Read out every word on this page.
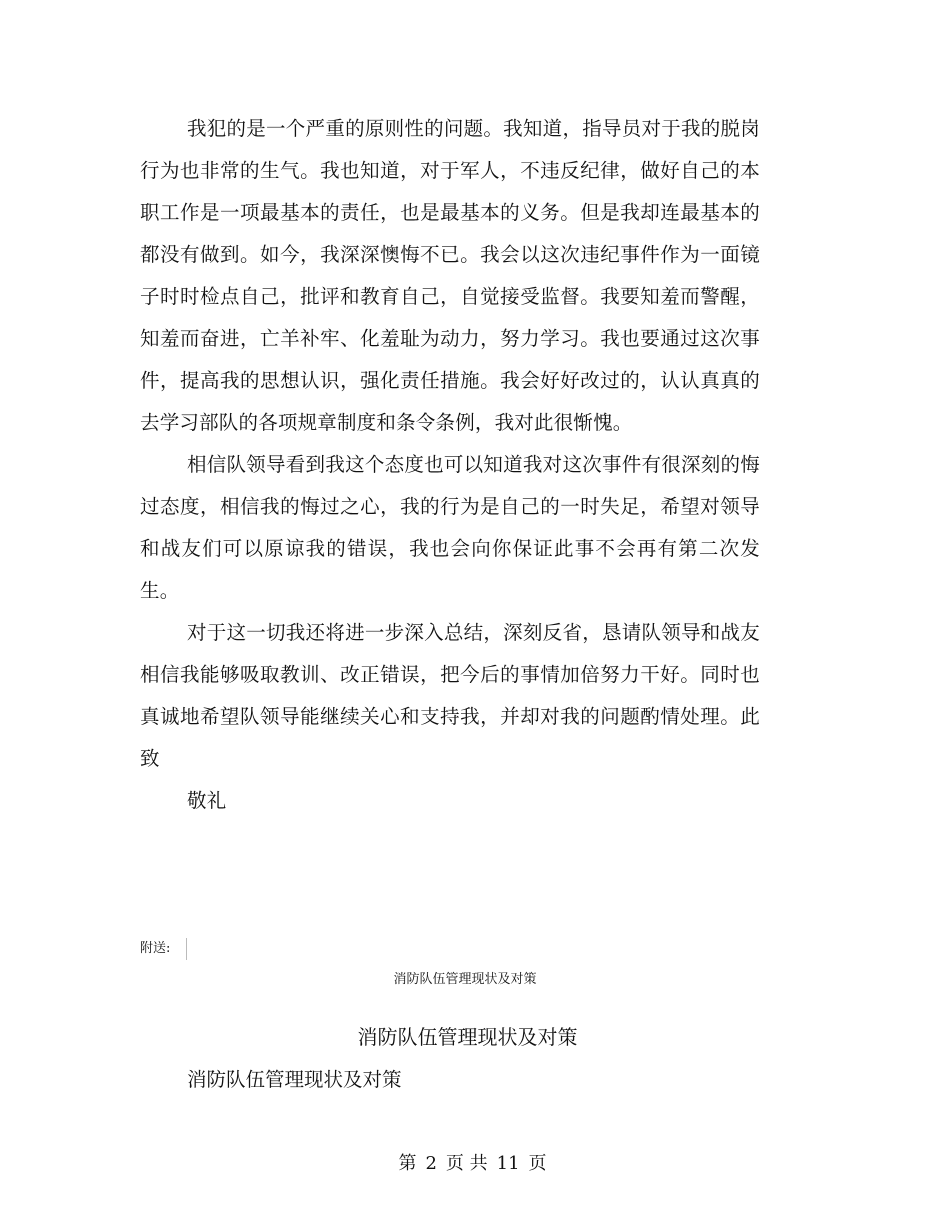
我犯的是一个严重的原则性的问题。我知道，指导员对于我的脱岗行为也非常的生气。我也知道，对于军人，不违反纪律，做好自己的本职工作是一项最基本的责任，也是最基本的义务。但是我却连最基本的都没有做到。如今，我深深懊悔不已。我会以这次违纪事件作为一面镜子时时检点自己，批评和教育自己，自觉接受监督。我要知羞而警醒，知羞而奋进，亡羊补牢、化羞耻为动力，努力学习。我也要通过这次事件，提高我的思想认识，强化责任措施。我会好好改过的，认认真真的去学习部队的各项规章制度和条令条例，我对此很惭愧。

相信队领导看到我这个态度也可以知道我对这次事件有很深刻的悔过态度，相信我的悔过之心，我的行为是自己的一时失足，希望对领导和战友们可以原谅我的错误，我也会向你保证此事不会再有第二次发生。

对于这一切我还将进一步深入总结，深刻反省，恳请队领导和战友相信我能够吸取教训、改正错误，把今后的事情加倍努力干好。同时也真诚地希望队领导能继续关心和支持我，并却对我的问题酌情处理。此致

敬礼

附送:
消防队伍管理现状及对策
消防队伍管理现状及对策
消防队伍管理现状及对策
第 2 页 共 11 页
